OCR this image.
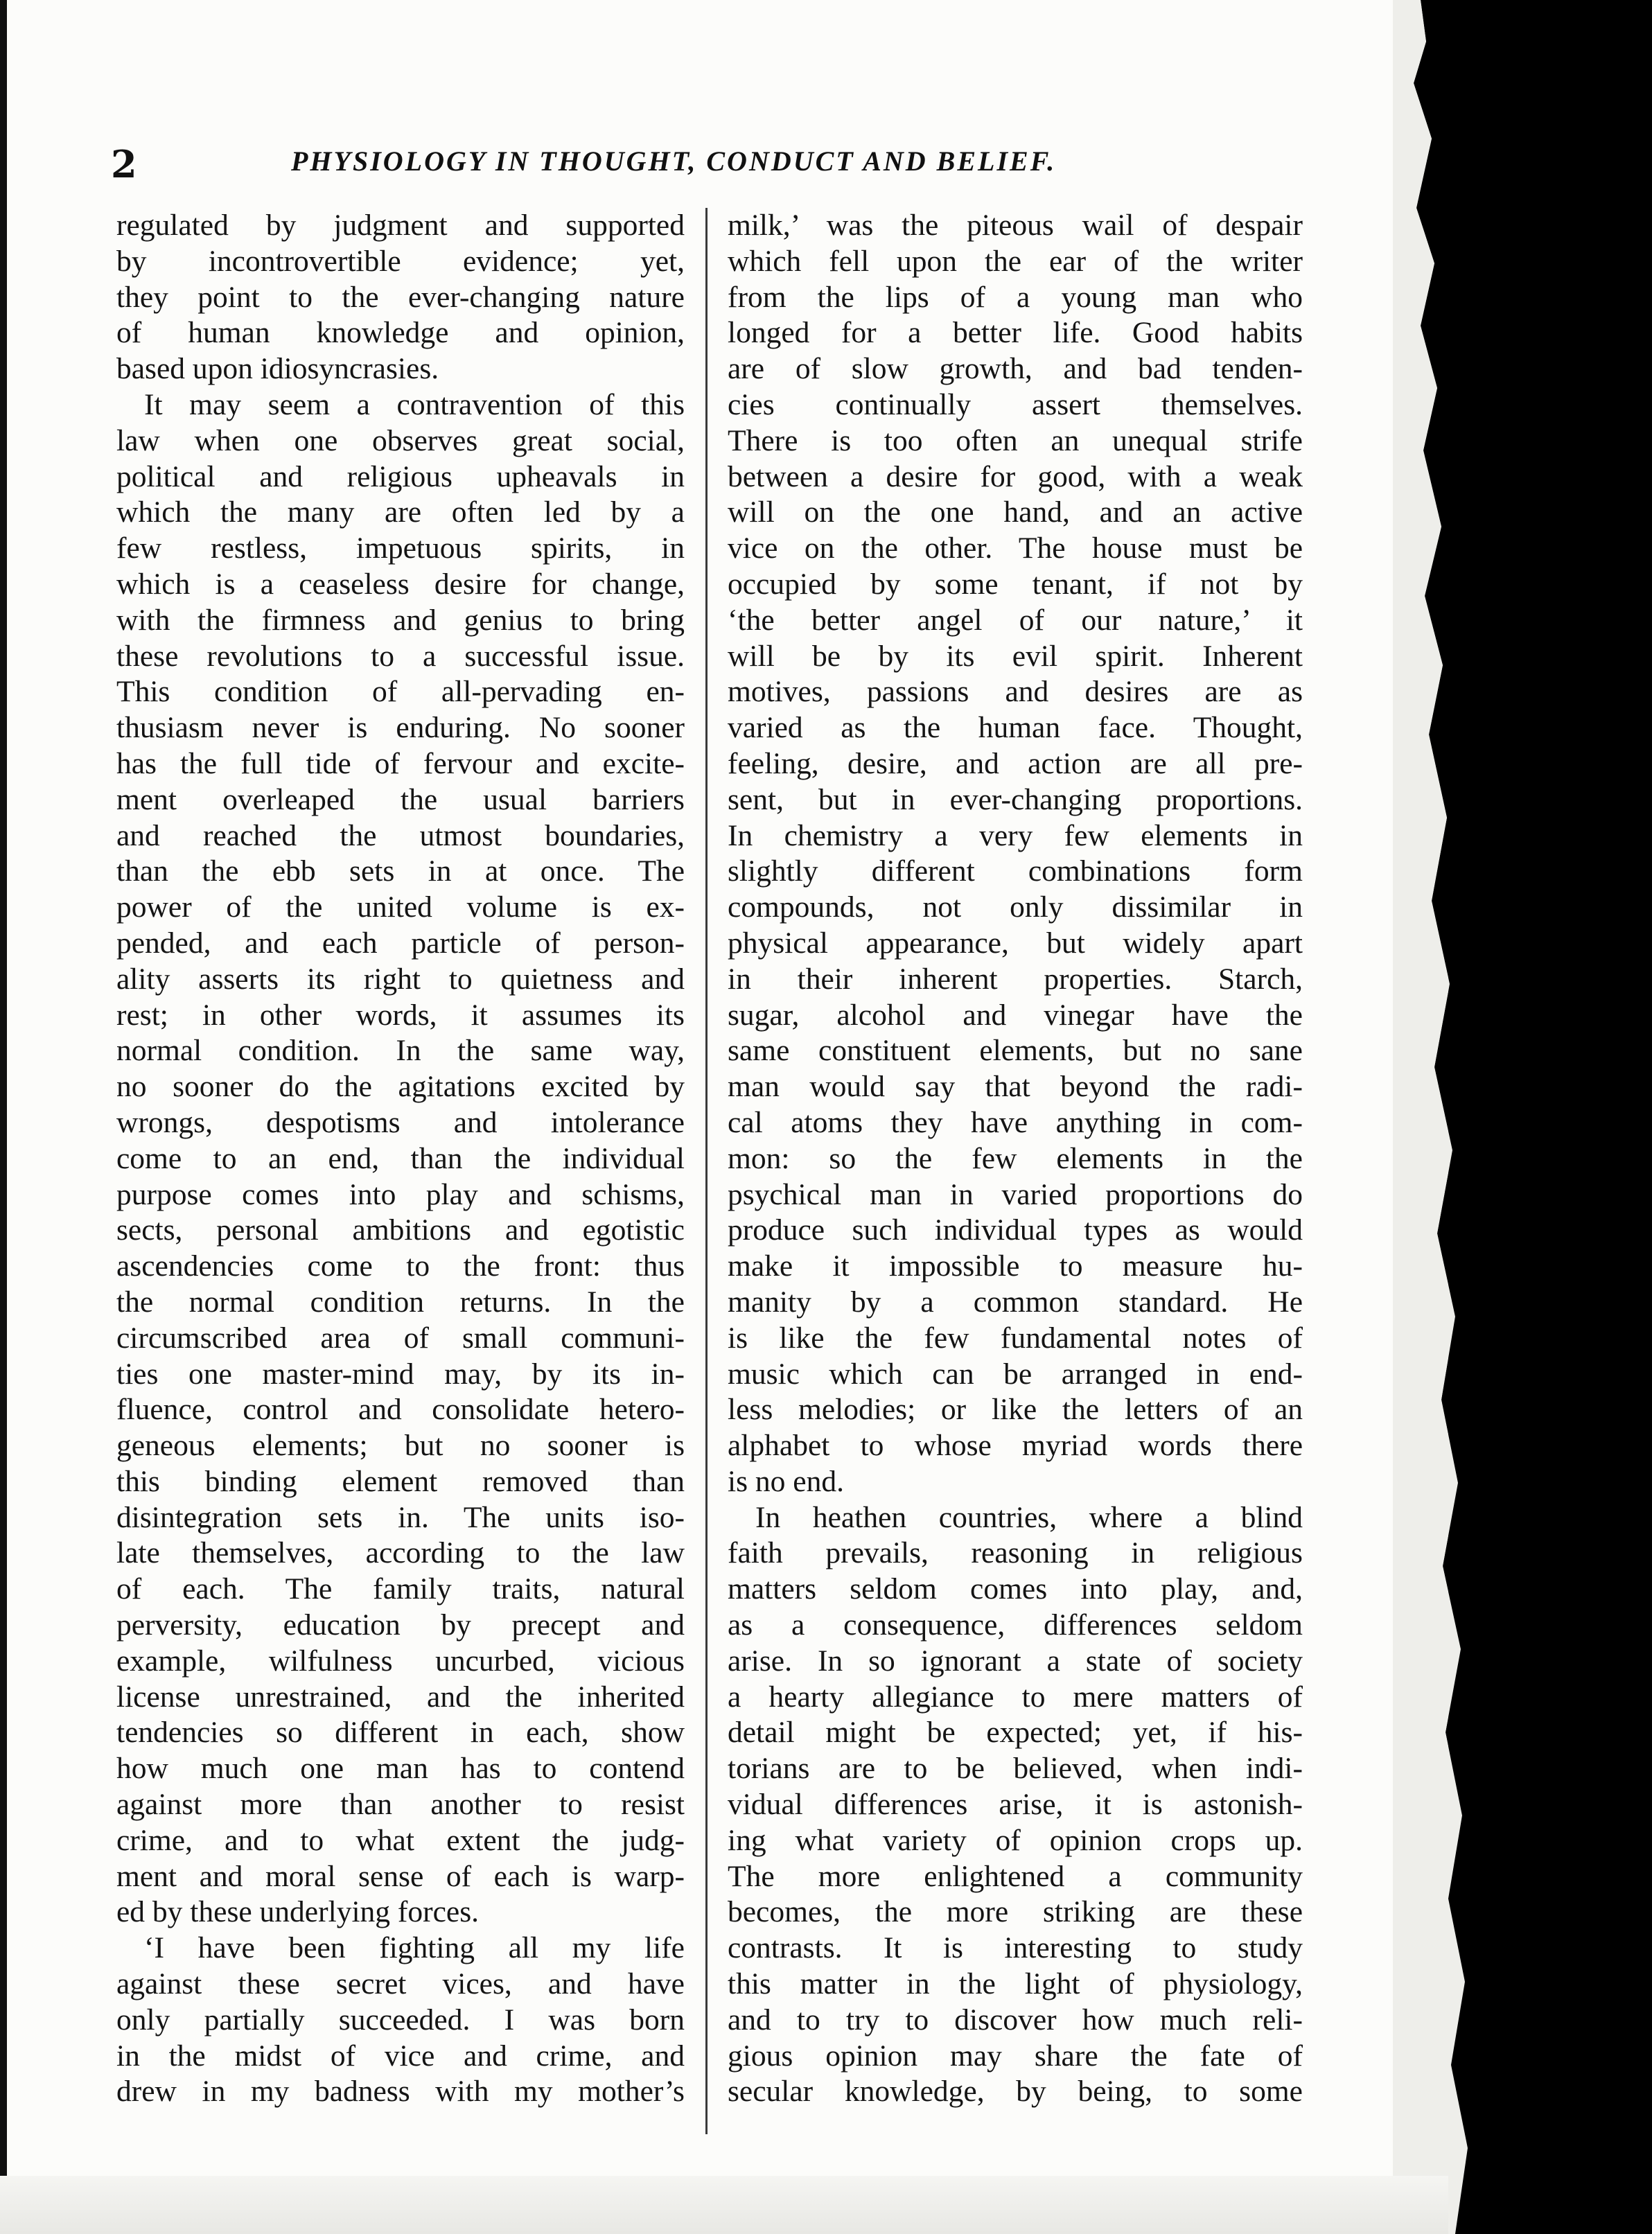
2	PHYSIOLOGY IN THOUGHT, CONDUCT AND BELIEF.
regulated by judgment and supported
by incontrovertible evidence; yet,
they point to the ever-changing nature
of human knowledge and opinion,
based upon idiosyncrasies.
It may seem a contravention of this
law when one observes great social,
political and religious upheavals in
which the many are often led by a
few restless, impetuous spirits, in
which is a ceaseless desire for change,
with the firmness and genius to bring
these revolutions to a successful issue.
This condition of all-pervading en-
thusiasm never is enduring. No sooner
has the full tide of fervour and excite-
ment overleaped the usual barriers
and reached the utmost boundaries,
than the ebb sets in at once. The
power of the united volume is ex-
pended, and each particle of person-
ality asserts its right to quietness and
rest; in other words, it assumes its
normal condition. In the same way,
no sooner do the agitations excited by
wrongs, despotisms and intolerance
come to an end, than the individual
purpose comes into play and schisms,
sects, personal ambitions and egotistic
ascendencies come to the front: thus
the normal condition returns. In the
circumscribed area of small communi-
ties one master-mind may, by its in-
fluence, control and consolidate hetero-
geneous elements; but no sooner is
this binding element removed than
disintegration sets in. The units iso-
late themselves, according to the law
of each. The family traits, natural
perversity, education by precept and
example, wilfulness uncurbed, vicious
license unrestrained, and the inherited
tendencies so different in each, show
how much one man has to contend
against more than another to resist
crime, and to what extent the judg-
ment and moral sense of each is warp-
ed by these underlying forces.
‘I have been fighting all my life
against these secret vices, and have
only partially succeeded. I was born
in the midst of vice and crime, and
drew in my badness with my mother’s
milk,’ was the piteous wail of despair
which fell upon the ear of the writer
from the lips of a young man who
longed for a better life. Good habits
are of slow growth, and bad tenden-
cies continually assert themselves.
There is too often an unequal strife
between a desire for good, with a weak
will on the one hand, and an active
vice on the other. The house must be
occupied by some tenant, if not by
‘the better angel of our nature,’ it
will be by its evil spirit. Inherent
motives, passions and desires are as
varied as the human face. Thought,
feeling, desire, and action are all pre-
sent, but in ever-changing proportions.
In chemistry a very few elements in
slightly different combinations form
compounds, not only dissimilar in
physical appearance, but widely apart
in their inherent properties. Starch,
sugar, alcohol and vinegar have the
same constituent elements, but no sane
man would say that beyond the radi-
cal atoms they have anything in com-
mon: so the few elements in the
psychical man in varied proportions do
produce such individual types as would
make it impossible to measure hu-
manity by a common standard. He
is like the few fundamental notes of
music which can be arranged in end-
less melodies; or like the letters of an
alphabet to whose myriad words there
is no end.
In heathen countries, where a blind
faith prevails, reasoning in religious
matters seldom comes into play, and,
as a consequence, differences seldom
arise. In so ignorant a state of society
a hearty allegiance to mere matters of
detail might be expected; yet, if his-
torians are to be believed, when indi-
vidual differences arise, it is astonish-
ing what variety of opinion crops up.
The more enlightened a community
becomes, the more striking are these
contrasts. It is interesting to study
this matter in the light of physiology,
and to try to discover how much reli-
gious opinion may share the fate of
secular knowledge, by being, to some
